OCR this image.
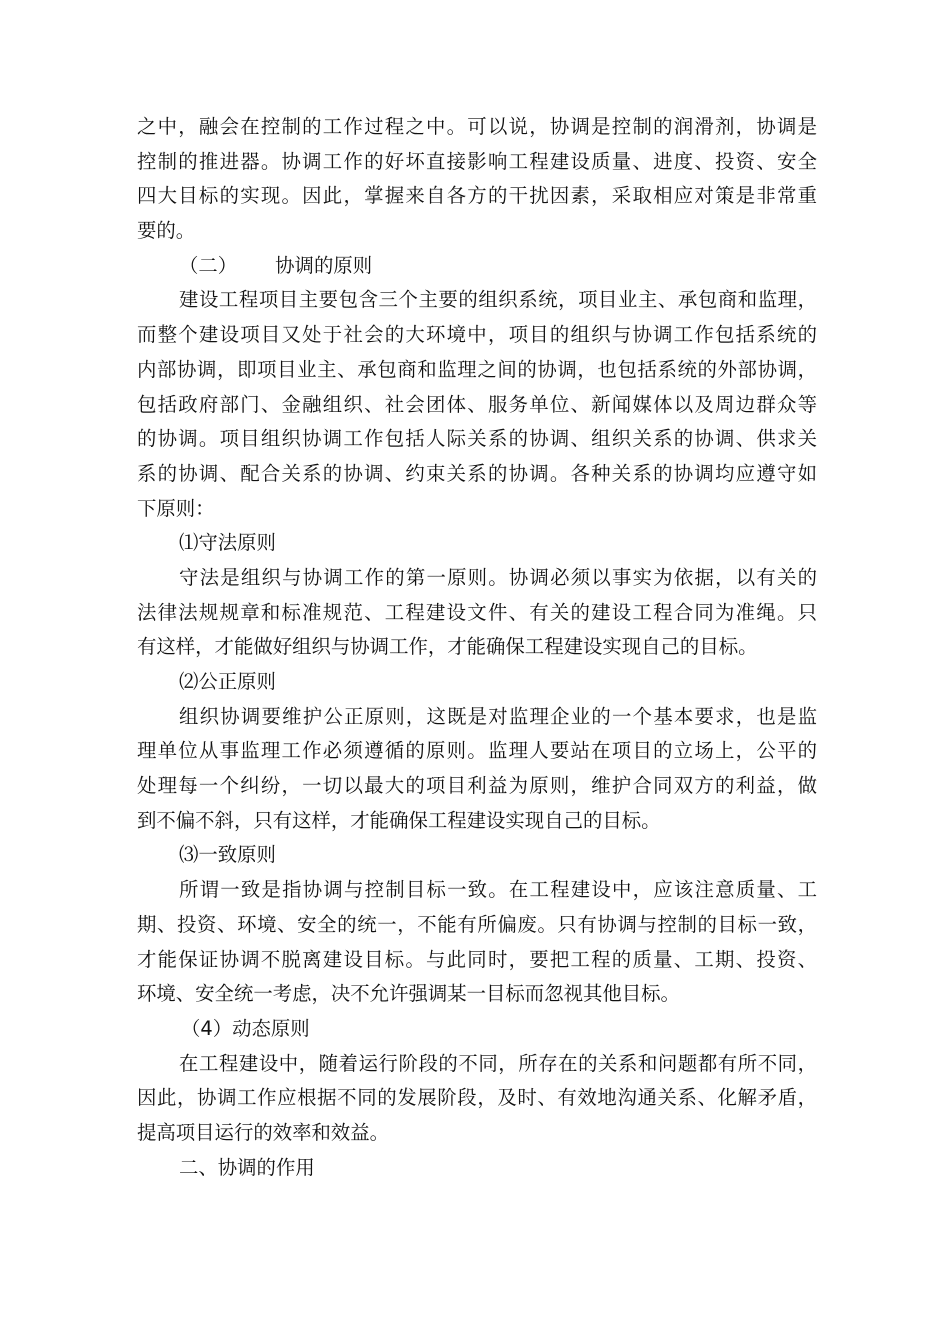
之中，融会在控制的工作过程之中。可以说，协调是控制的润滑剂，协调是
控制的推进器。协调工作的好坏直接影响工程建设质量、进度、投资、安全
四大目标的实现。因此，掌握来自各方的干扰因素，采取相应对策是非常重
要的。
（二） 协调的原则
建设工程项目主要包含三个主要的组织系统，项目业主、承包商和监理，
而整个建设项目又处于社会的大环境中，项目的组织与协调工作包括系统的
内部协调，即项目业主、承包商和监理之间的协调，也包括系统的外部协调，
包括政府部门、金融组织、社会团体、服务单位、新闻媒体以及周边群众等
的协调。项目组织协调工作包括人际关系的协调、组织关系的协调、供求关
系的协调、配合关系的协调、约束关系的协调。各种关系的协调均应遵守如
下原则：
⑴守法原则
守法是组织与协调工作的第一原则。协调必须以事实为依据，以有关的
法律法规规章和标准规范、工程建设文件、有关的建设工程合同为准绳。只
有这样，才能做好组织与协调工作，才能确保工程建设实现自己的目标。
⑵公正原则
组织协调要维护公正原则，这既是对监理企业的一个基本要求，也是监
理单位从事监理工作必须遵循的原则。监理人要站在项目的立场上，公平的
处理每一个纠纷，一切以最大的项目利益为原则，维护合同双方的利益，做
到不偏不斜，只有这样，才能确保工程建设实现自己的目标。
⑶一致原则
所谓一致是指协调与控制目标一致。在工程建设中，应该注意质量、工
期、投资、环境、安全的统一，不能有所偏废。只有协调与控制的目标一致，
才能保证协调不脱离建设目标。与此同时，要把工程的质量、工期、投资、
环境、安全统一考虑，决不允许强调某一目标而忽视其他目标。
（4）动态原则
在工程建设中，随着运行阶段的不同，所存在的关系和问题都有所不同，
因此，协调工作应根据不同的发展阶段，及时、有效地沟通关系、化解矛盾，
提高项目运行的效率和效益。
二、协调的作用
